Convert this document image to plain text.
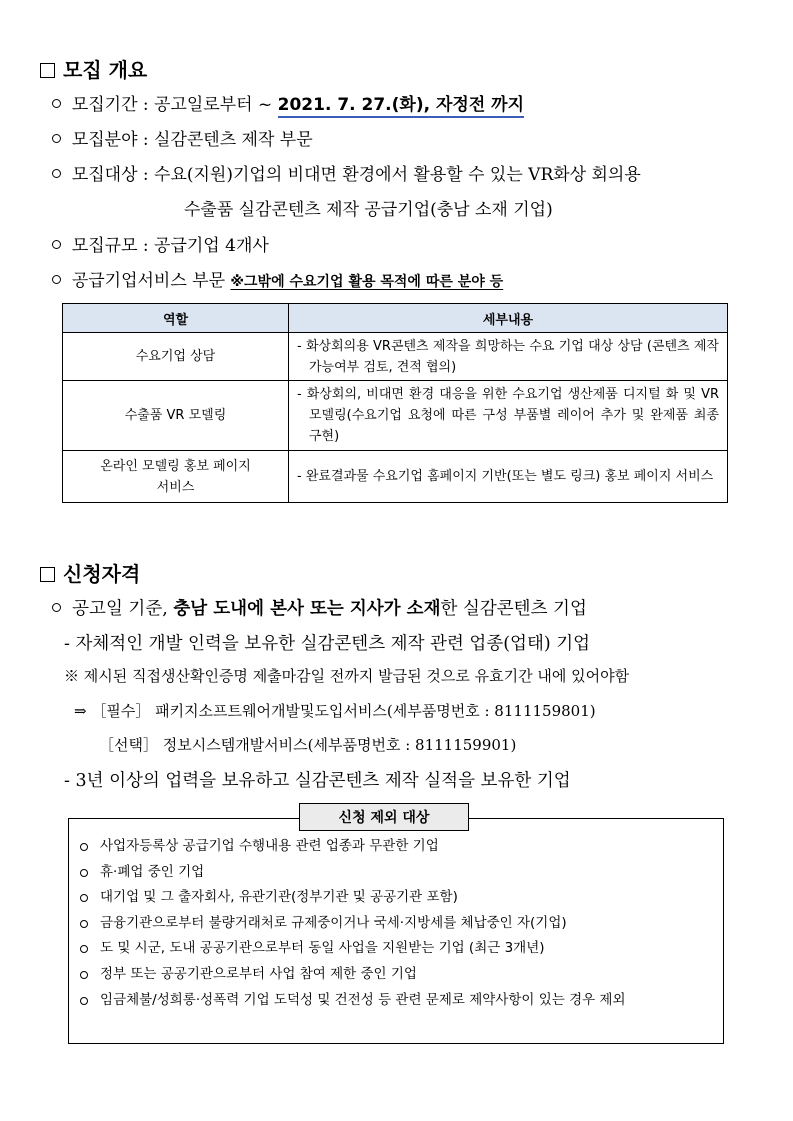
모집 개요
모집기간 : 공고일로부터 ~ 2021. 7. 27.(화), 자정전 까지
모집분야 : 실감콘텐츠 제작 부문
모집대상 : 수요(지원)기업의 비대면 환경에서 활용할 수 있는 VR화상 회의용
수출품 실감콘텐츠 제작 공급기업(충남 소재 기업)
모집규모 : 공급기업 4개사
공급기업서비스 부문 ※그밖에 수요기업 활용 목적에 따른 분야 등
역할	세부내용
수요기업 상담	- 화상회의용 VR콘텐츠 제작을 희망하는 수요 기업 대상 상담 (콘텐츠 제작 가능여부 검토, 견적 협의)

수출품 VR 모델링	- 화상회의, 비대면 환경 대응을 위한 수요기업 생산제품 디지털 화 및 VR 모델링(수요기업 요청에 따른 구성 부품별 레이어 추가 및 완제품 최종 구현)

온라인 모델링 홍보 페이지 서비스	- 완료결과물 수요기업 홈페이지 기반(또는 별도 링크) 홍보 페이지 서비스
신청자격
공고일 기준, 충남 도내에 본사 또는 지사가 소재한 실감콘텐츠 기업
- 자체적인 개발 인력을 보유한 실감콘텐츠 제작 관련 업종(업태) 기업
※ 제시된 직접생산확인증명 제출마감일 전까지 발급된 것으로 유효기간 내에 있어야함
⇒ ［필수］ 패키지소프트웨어개발및도입서비스(세부품명번호 : 8111159801)
［선택］ 정보시스템개발서비스(세부품명번호 : 8111159901)
- 3년 이상의 업력을 보유하고 실감콘텐츠 제작 실적을 보유한 기업
신청 제외 대상
사업자등록상 공급기업 수행내용 관련 업종과 무관한 기업
휴·폐업 중인 기업
대기업 및 그 출자회사, 유관기관(정부기관 및 공공기관 포함)
금융기관으로부터 불량거래처로 규제중이거나 국세·지방세를 체납중인 자(기업)
도 및 시군, 도내 공공기관으로부터 동일 사업을 지원받는 기업 (최근 3개년)
정부 또는 공공기관으로부터 사업 참여 제한 중인 기업
임금체불/성희롱·성폭력 기업 도덕성 및 건전성 등 관련 문제로 제약사항이 있는 경우 제외
